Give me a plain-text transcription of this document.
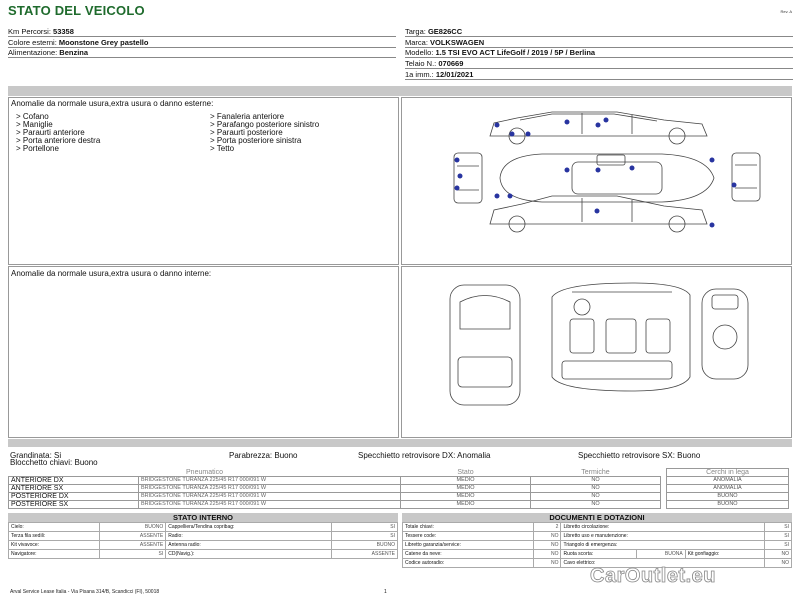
STATO DEL VEICOLO	Rev. A
Km Percorsi: 53358
Colore esterni: Moonstone Grey pastello
Alimentazione: Benzina
Targa: GE826CC
Marca: VOLKSWAGEN
Modello: 1.5 TSI EVO ACT LifeGolf / 2019 / 5P / Berlina
Telaio N.: 070669
1a imm.: 12/01/2021
Anomalie da normale usura,extra usura o danno esterne:
> Cofano
> Maniglie
> Paraurti anteriore
> Porta anteriore destra
> Portellone
> Fanaleria anteriore
> Parafango posteriore sinistro
> Paraurti posteriore
> Porta posteriore sinistra
> Tetto
Anomalie da normale usura,extra usura o danno interne:
Grandinata: Si
Blocchetto chiavi: Buono
Parabrezza: Buono	Specchietto retrovisore DX: Anomalia	Specchietto retrovisore SX: Buono
Pneumatico		Stato	Termiche		Cerchi in lega
ANTERIORE DX	BRIDGESTONE TURANZA 225/45 R17 000/091 W	MEDIO	NO		ANOMALIA
ANTERIORE SX	BRIDGESTONE TURANZA 225/45 R17 000/091 W	MEDIO	NO		ANOMALIA
POSTERIORE DX	BRIDGESTONE TURANZA 225/45 R17 000/091 W	MEDIO	NO		BUONO
POSTERIORE SX	BRIDGESTONE TURANZA 225/45 R17 000/091 W	MEDIO	NO		BUONO
STATO INTERNO
Cielo:	BUONO	Cappelliera/Tendina copribag:	SI
Terza fila sedili:	ASSENTE	Radio:	SI
Kit vivavoce:	ASSENTE	Antenna radio:	BUONO
Navigatore:	SI	CD(Navig.):	ASSENTE
DOCUMENTI E DOTAZIONI
Totale chiavi:	2	Libretto circolazione:			SI
Tessere code:	NO	Libretto uso e manutenzione:			SI
Libretto garanzia/service:	NO	Triangolo di emergenza:			SI
Catene da neve:	NO	Ruota scorta:	BUONA	Kit gonfiaggio:	NO
Codice autoradio:	NO	Cavo elettrico:			NO
Arval Service Lease Italia - Via Pisana 314/B, Scandicci (FI), 50018	1
CarOutlet.eu
